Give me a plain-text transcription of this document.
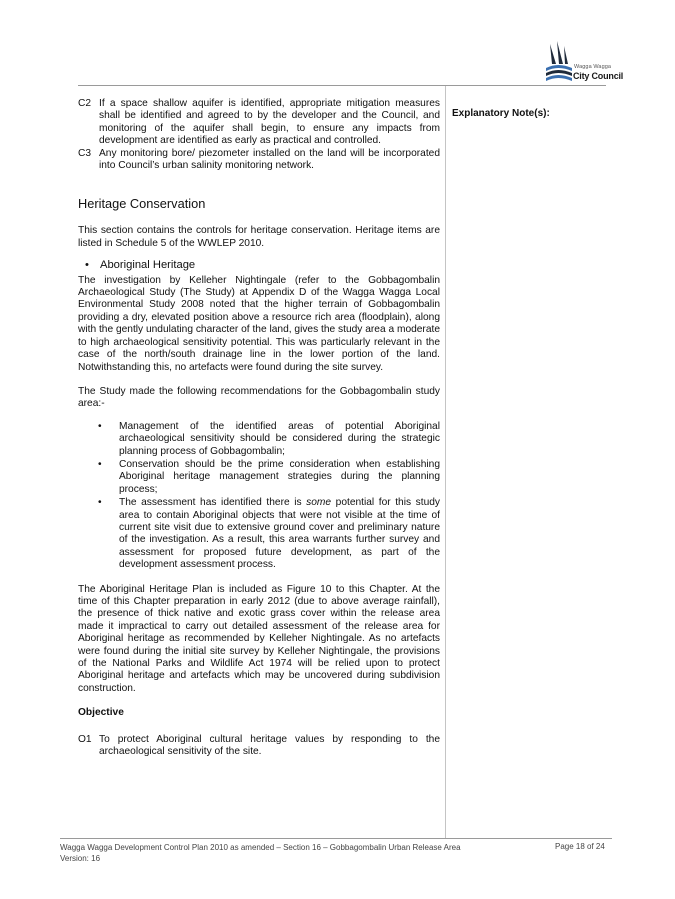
Wagga Wagga
City Council
Explanatory Note(s):
C2 If a space shallow aquifer is identified, appropriate mitigation measures shall be identified and agreed to by the developer and the Council, and monitoring of the aquifer shall begin, to ensure any impacts from development are identified as early as practical and controlled.
C3 Any monitoring bore/ piezometer installed on the land will be incorporated into Council’s urban salinity monitoring network.
Heritage Conservation

This section contains the controls for heritage conservation. Heritage items are listed in Schedule 5 of the WWLEP 2010.

• Aboriginal Heritage

The investigation by Kelleher Nightingale (refer to the Gobbagombalin Archaeological Study (The Study) at Appendix D of the Wagga Wagga Local Environmental Study 2008 noted that the higher terrain of Gobbagombalin providing a dry, elevated position above a resource rich area (floodplain), along with the gently undulating character of the land, gives the study area a moderate to high archaeological sensitivity potential. This was particularly relevant in the case of the north/south drainage line in the lower portion of the land. Notwithstanding this, no artefacts were found during the site survey.

The Study made the following recommendations for the Gobbagombalin study area:-

•	Management of the identified areas of potential Aboriginal archaeological sensitivity should be considered during the strategic planning process of Gobbagombalin;
•	Conservation should be the prime consideration when establishing Aboriginal heritage management strategies during the planning process;
•	The assessment has identified there is some potential for this study area to contain Aboriginal objects that were not visible at the time of current site visit due to extensive ground cover and preliminary nature of the investigation. As a result, this area warrants further survey and assessment for proposed future development, as part of the development assessment process.

The Aboriginal Heritage Plan is included as Figure 10 to this Chapter. At the time of this Chapter preparation in early 2012 (due to above average rainfall), the presence of thick native and exotic grass cover within the release area made it impractical to carry out detailed assessment of the release area for Aboriginal heritage as recommended by Kelleher Nightingale. As no artefacts were found during the initial site survey by Kelleher Nightingale, the provisions of the National Parks and Wildlife Act 1974 will be relied upon to protect Aboriginal heritage and artefacts which may be uncovered during subdivision construction.

Objective
O1 To protect Aboriginal cultural heritage values by responding to the archaeological sensitivity of the site.
Wagga Wagga Development Control Plan 2010 as amended – Section 16 – Gobbagombalin Urban Release Area
Version: 16
Page 18 of 24
